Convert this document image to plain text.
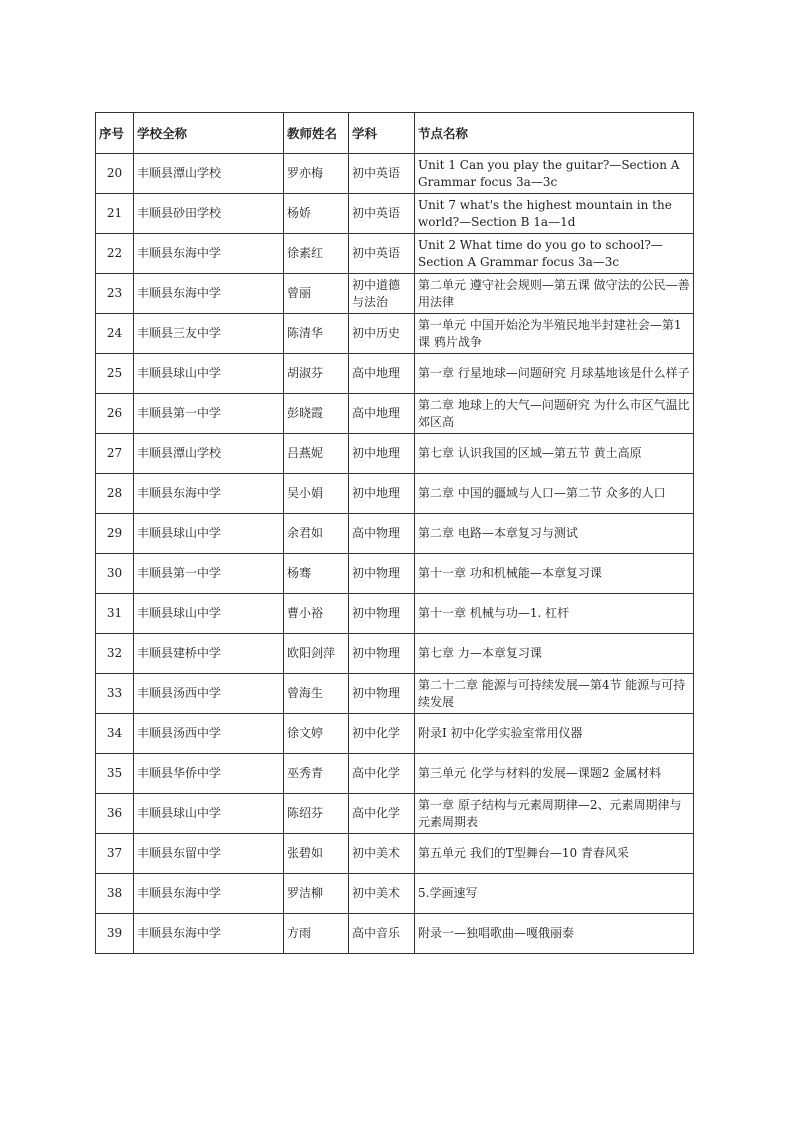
序号	学校全称	教师姓名	学科	节点名称
20	丰顺县潭山学校	罗亦梅	初中英语	Unit 1 Can you play the guitar?—Section A Grammar focus 3a—3c
21	丰顺县砂田学校	杨娇	初中英语	Unit 7 what's the highest mountain in the world?—Section B 1a—1d
22	丰顺县东海中学	徐素红	初中英语	Unit 2 What time do you go to school?—Section A Grammar focus 3a—3c
23	丰顺县东海中学	曾丽	初中道德与法治	第二单元 遵守社会规则—第五课 做守法的公民—善用法律
24	丰顺县三友中学	陈清华	初中历史	第一单元 中国开始沦为半殖民地半封建社会—第1课 鸦片战争
25	丰顺县球山中学	胡淑芬	高中地理	第一章 行星地球—问题研究 月球基地该是什么样子
26	丰顺县第一中学	彭晓霞	高中地理	第二章 地球上的大气—问题研究 为什么市区气温比郊区高
27	丰顺县潭山学校	吕燕妮	初中地理	第七章 认识我国的区域—第五节 黄土高原
28	丰顺县东海中学	吴小娟	初中地理	第二章 中国的疆域与人口—第二节 众多的人口
29	丰顺县球山中学	余君如	高中物理	第二章 电路—本章复习与测试
30	丰顺县第一中学	杨骞	初中物理	第十一章 功和机械能—本章复习课
31	丰顺县球山中学	曹小裕	初中物理	第十一章 机械与功—1. 杠杆
32	丰顺县建桥中学	欧阳剑萍	初中物理	第七章 力—本章复习课
33	丰顺县汤西中学	曾海生	初中物理	第二十二章 能源与可持续发展—第4节 能源与可持续发展
34	丰顺县汤西中学	徐文婷	初中化学	附录Ⅰ 初中化学实验室常用仪器
35	丰顺县华侨中学	巫秀青	高中化学	第三单元 化学与材料的发展—课题2 金属材料
36	丰顺县球山中学	陈绍芬	高中化学	第一章 原子结构与元素周期律—2、元素周期律与元素周期表
37	丰顺县东留中学	张碧如	初中美术	第五单元 我们的T型舞台—10 青春风采
38	丰顺县东海中学	罗洁柳	初中美术	5.学画速写
39	丰顺县东海中学	方雨	高中音乐	附录一—独唱歌曲—嘎俄丽泰
